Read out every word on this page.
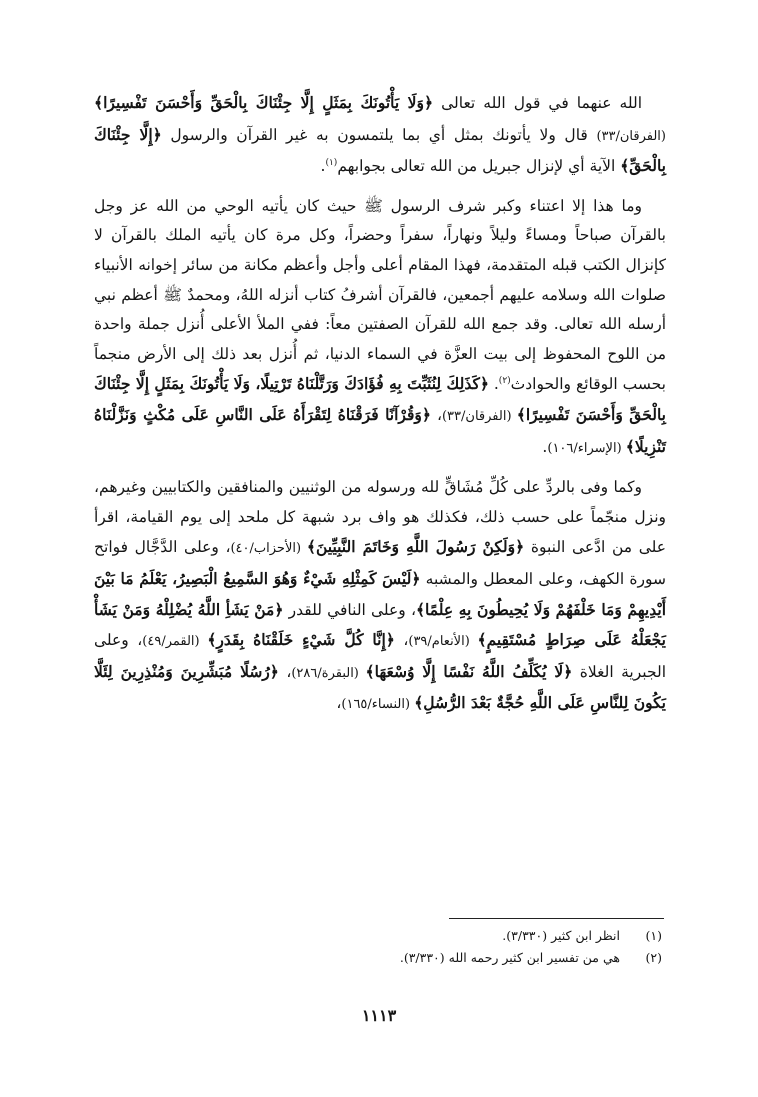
الله عنهما في قول الله تعالى ﴿وَلَا يَأْتُونَكَ بِمَثَلٍ إِلَّا جِئْنَاكَ بِالْحَقِّ وَأَحْسَنَ تَفْسِيرًا﴾ (الفرقان/٣٣) قال ولا يأتونك بمثل أي بما يلتمسون به غير القرآن والرسول ﴿إِلَّا جِئْنَاكَ بِالْحَقِّ﴾ الآية أي لإنزال جبريل من الله تعالى بجوابهم$^{(١)}$.

وما هذا إلا اعتناء وكبر شرف الرسول ﷺ حيث كان يأتيه الوحي من الله عز وجل بالقرآن صباحاً ومساءً وليلاً ونهاراً، سفراً وحضراً، وكل مرة كان يأتيه الملك بالقرآن لا كإنزال الكتب قبله المتقدمة، فهذا المقام أعلى وأجل وأعظم مكانة من سائر إخوانه الأنبياء صلوات الله وسلامه عليهم أجمعين، فالقرآن أشرفُ كتاب أنزله اللهُ، ومحمدٌ ﷺ أعظم نبي أرسله الله تعالى. وقد جمع الله للقرآن الصفتين معاً: ففي الملأ الأعلى أُنزل جملة واحدة من اللوح المحفوظ إلى بيت العزَّة في السماء الدنيا، ثم أُنزل بعد ذلك إلى الأرض منجماً بحسب الوقائع والحوادث$^{(٢)}$. ﴿كَذَلِكَ لِنُثَبِّتَ بِهِ فُؤَادَكَ وَرَتَّلْنَاهُ تَرْتِيلًا، وَلَا يَأْتُونَكَ بِمَثَلٍ إِلَّا جِئْنَاكَ بِالْحَقِّ وَأَحْسَنَ تَفْسِيرًا﴾ (الفرقان/٣٣)، ﴿وَقُرْآنًا فَرَقْنَاهُ لِتَقْرَأَهُ عَلَى النَّاسِ عَلَى مُكْثٍ وَنَزَّلْنَاهُ تَنْزِيلًا﴾ (الإسراء/١٠٦).

وكما وفى بالردِّ على كُلِّ مُشَاقٍّ لله ورسوله من الوثنيين والمنافقين والكتابيين وغيرهم، ونزل منجّماً على حسب ذلك، فكذلك هو واف برد شبهة كل ملحد إلى يوم القيامة، اقرأ على من ادَّعى النبوة ﴿وَلَكِنْ رَسُولَ اللَّهِ وَخَاتَمَ النَّبِيِّينَ﴾ (الأحزاب/٤٠)، وعلى الدَّجَّال فواتح سورة الكهف، وعلى المعطل والمشبه ﴿لَيْسَ كَمِثْلِهِ شَيْءٌ وَهُوَ السَّمِيعُ الْبَصِيرُ، يَعْلَمُ مَا بَيْنَ أَيْدِيهِمْ وَمَا خَلْفَهُمْ وَلَا يُحِيطُونَ بِهِ عِلْمًا﴾، وعلى النافي للقدر ﴿مَنْ يَشَأِ اللَّهُ يُضْلِلْهُ وَمَنْ يَشَأْ يَجْعَلْهُ عَلَى صِرَاطٍ مُسْتَقِيمٍ﴾ (الأنعام/٣٩)، ﴿إِنَّا كُلَّ شَيْءٍ خَلَقْنَاهُ بِقَدَرٍ﴾ (القمر/٤٩)، وعلى الجبرية الغلاة ﴿لَا يُكَلِّفُ اللَّهُ نَفْسًا إِلَّا وُسْعَهَا﴾ (البقرة/٢٨٦)، ﴿رُسُلًا مُبَشِّرِينَ وَمُنْذِرِينَ لِئَلَّا يَكُونَ لِلنَّاسِ عَلَى اللَّهِ حُجَّةٌ بَعْدَ الرُّسُلِ﴾ (النساء/١٦٥)،

(١)
انظر ابن كثير (٣/٣٣٠).
(٢)
هي من تفسير ابن كثير رحمه الله (٣/٣٣٠).
١١١٣
